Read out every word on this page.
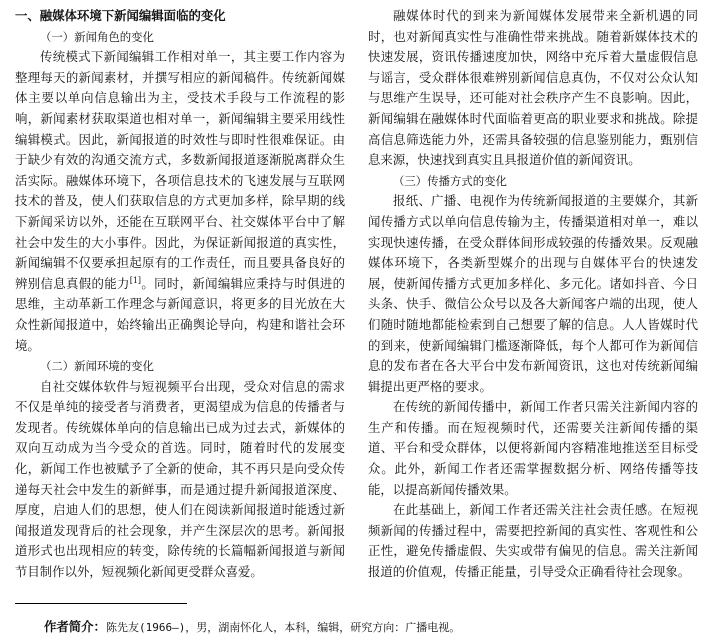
一、融媒体环境下新闻编辑面临的变化

（一）新闻角色的变化

传统模式下新闻编辑工作相对单一，其主要工作内容为整理每天的新闻素材，并撰写相应的新闻稿件。传统新闻媒体主要以单向信息输出为主，受技术手段与工作流程的影响，新闻素材获取渠道也相对单一，新闻编辑主要采用线性编辑模式。因此，新闻报道的时效性与即时性很难保证。由于缺少有效的沟通交流方式，多数新闻报道逐渐脱离群众生活实际。融媒体环境下，各项信息技术的飞速发展与互联网技术的普及，使人们获取信息的方式更加多样，除早期的线下新闻采访以外，还能在互联网平台、社交媒体平台中了解社会中发生的大小事件。因此，为保证新闻报道的真实性，新闻编辑不仅要承担起原有的工作责任，而且要具备良好的辨别信息真假的能力[1]。同时，新闻编辑应秉持与时俱进的思维，主动革新工作理念与新闻意识，将更多的目光放在大众性新闻报道中，始终输出正确舆论导向，构建和谐社会环境。

（二）新闻环境的变化

自社交媒体软件与短视频平台出现，受众对信息的需求不仅是单纯的接受者与消费者，更渴望成为信息的传播者与发现者。传统媒体单向的信息输出已成为过去式，新媒体的双向互动成为当今受众的首选。同时，随着时代的发展变化，新闻工作也被赋予了全新的使命，其不再只是向受众传递每天社会中发生的新鲜事，而是通过提升新闻报道深度、厚度，启迪人们的思想，使人们在阅读新闻报道时能透过新闻报道发现背后的社会现象，并产生深层次的思考。新闻报道形式也出现相应的转变，除传统的长篇幅新闻报道与新闻节目制作以外，短视频化新闻更受群众喜爱。

融媒体时代的到来为新闻媒体发展带来全新机遇的同时，也对新闻真实性与准确性带来挑战。随着新媒体技术的快速发展，资讯传播速度加快，网络中充斥着大量虚假信息与谣言，受众群体很难辨别新闻信息真伪，不仅对公众认知与思维产生误导，还可能对社会秩序产生不良影响。因此，新闻编辑在融媒体时代面临着更高的职业要求和挑战。除提高信息筛选能力外，还需具备较强的信息鉴别能力，甄别信息来源，快速找到真实且具报道价值的新闻资讯。

（三）传播方式的变化

报纸、广播、电视作为传统新闻报道的主要媒介，其新闻传播方式以单向信息传输为主，传播渠道相对单一，难以实现快速传播，在受众群体间形成较强的传播效果。反观融媒体环境下，各类新型媒介的出现与自媒体平台的快速发展，使新闻传播方式更加多样化、多元化。诸如抖音、今日头条、快手、微信公众号以及各大新闻客户端的出现，使人们随时随地都能检索到自己想要了解的信息。人人皆媒时代的到来，使新闻编辑门槛逐渐降低，每个人都可作为新闻信息的发布者在各大平台中发布新闻资讯，这也对传统新闻编辑提出更严格的要求。

在传统的新闻传播中，新闻工作者只需关注新闻内容的生产和传播。而在短视频时代，还需要关注新闻传播的渠道、平台和受众群体，以便将新闻内容精准地推送至目标受众。此外，新闻工作者还需掌握数据分析、网络传播等技能，以提高新闻传播效果。

在此基础上，新闻工作者还需关注社会责任感。在短视频新闻的传播过程中，需要把控新闻的真实性、客观性和公正性，避免传播虚假、失实或带有偏见的信息。需关注新闻报道的价值观，传播正能量，引导受众正确看待社会现象。

作者简介：陈先友(1966—)，男，湖南怀化人，本科，编辑，研究方向：广播电视。
